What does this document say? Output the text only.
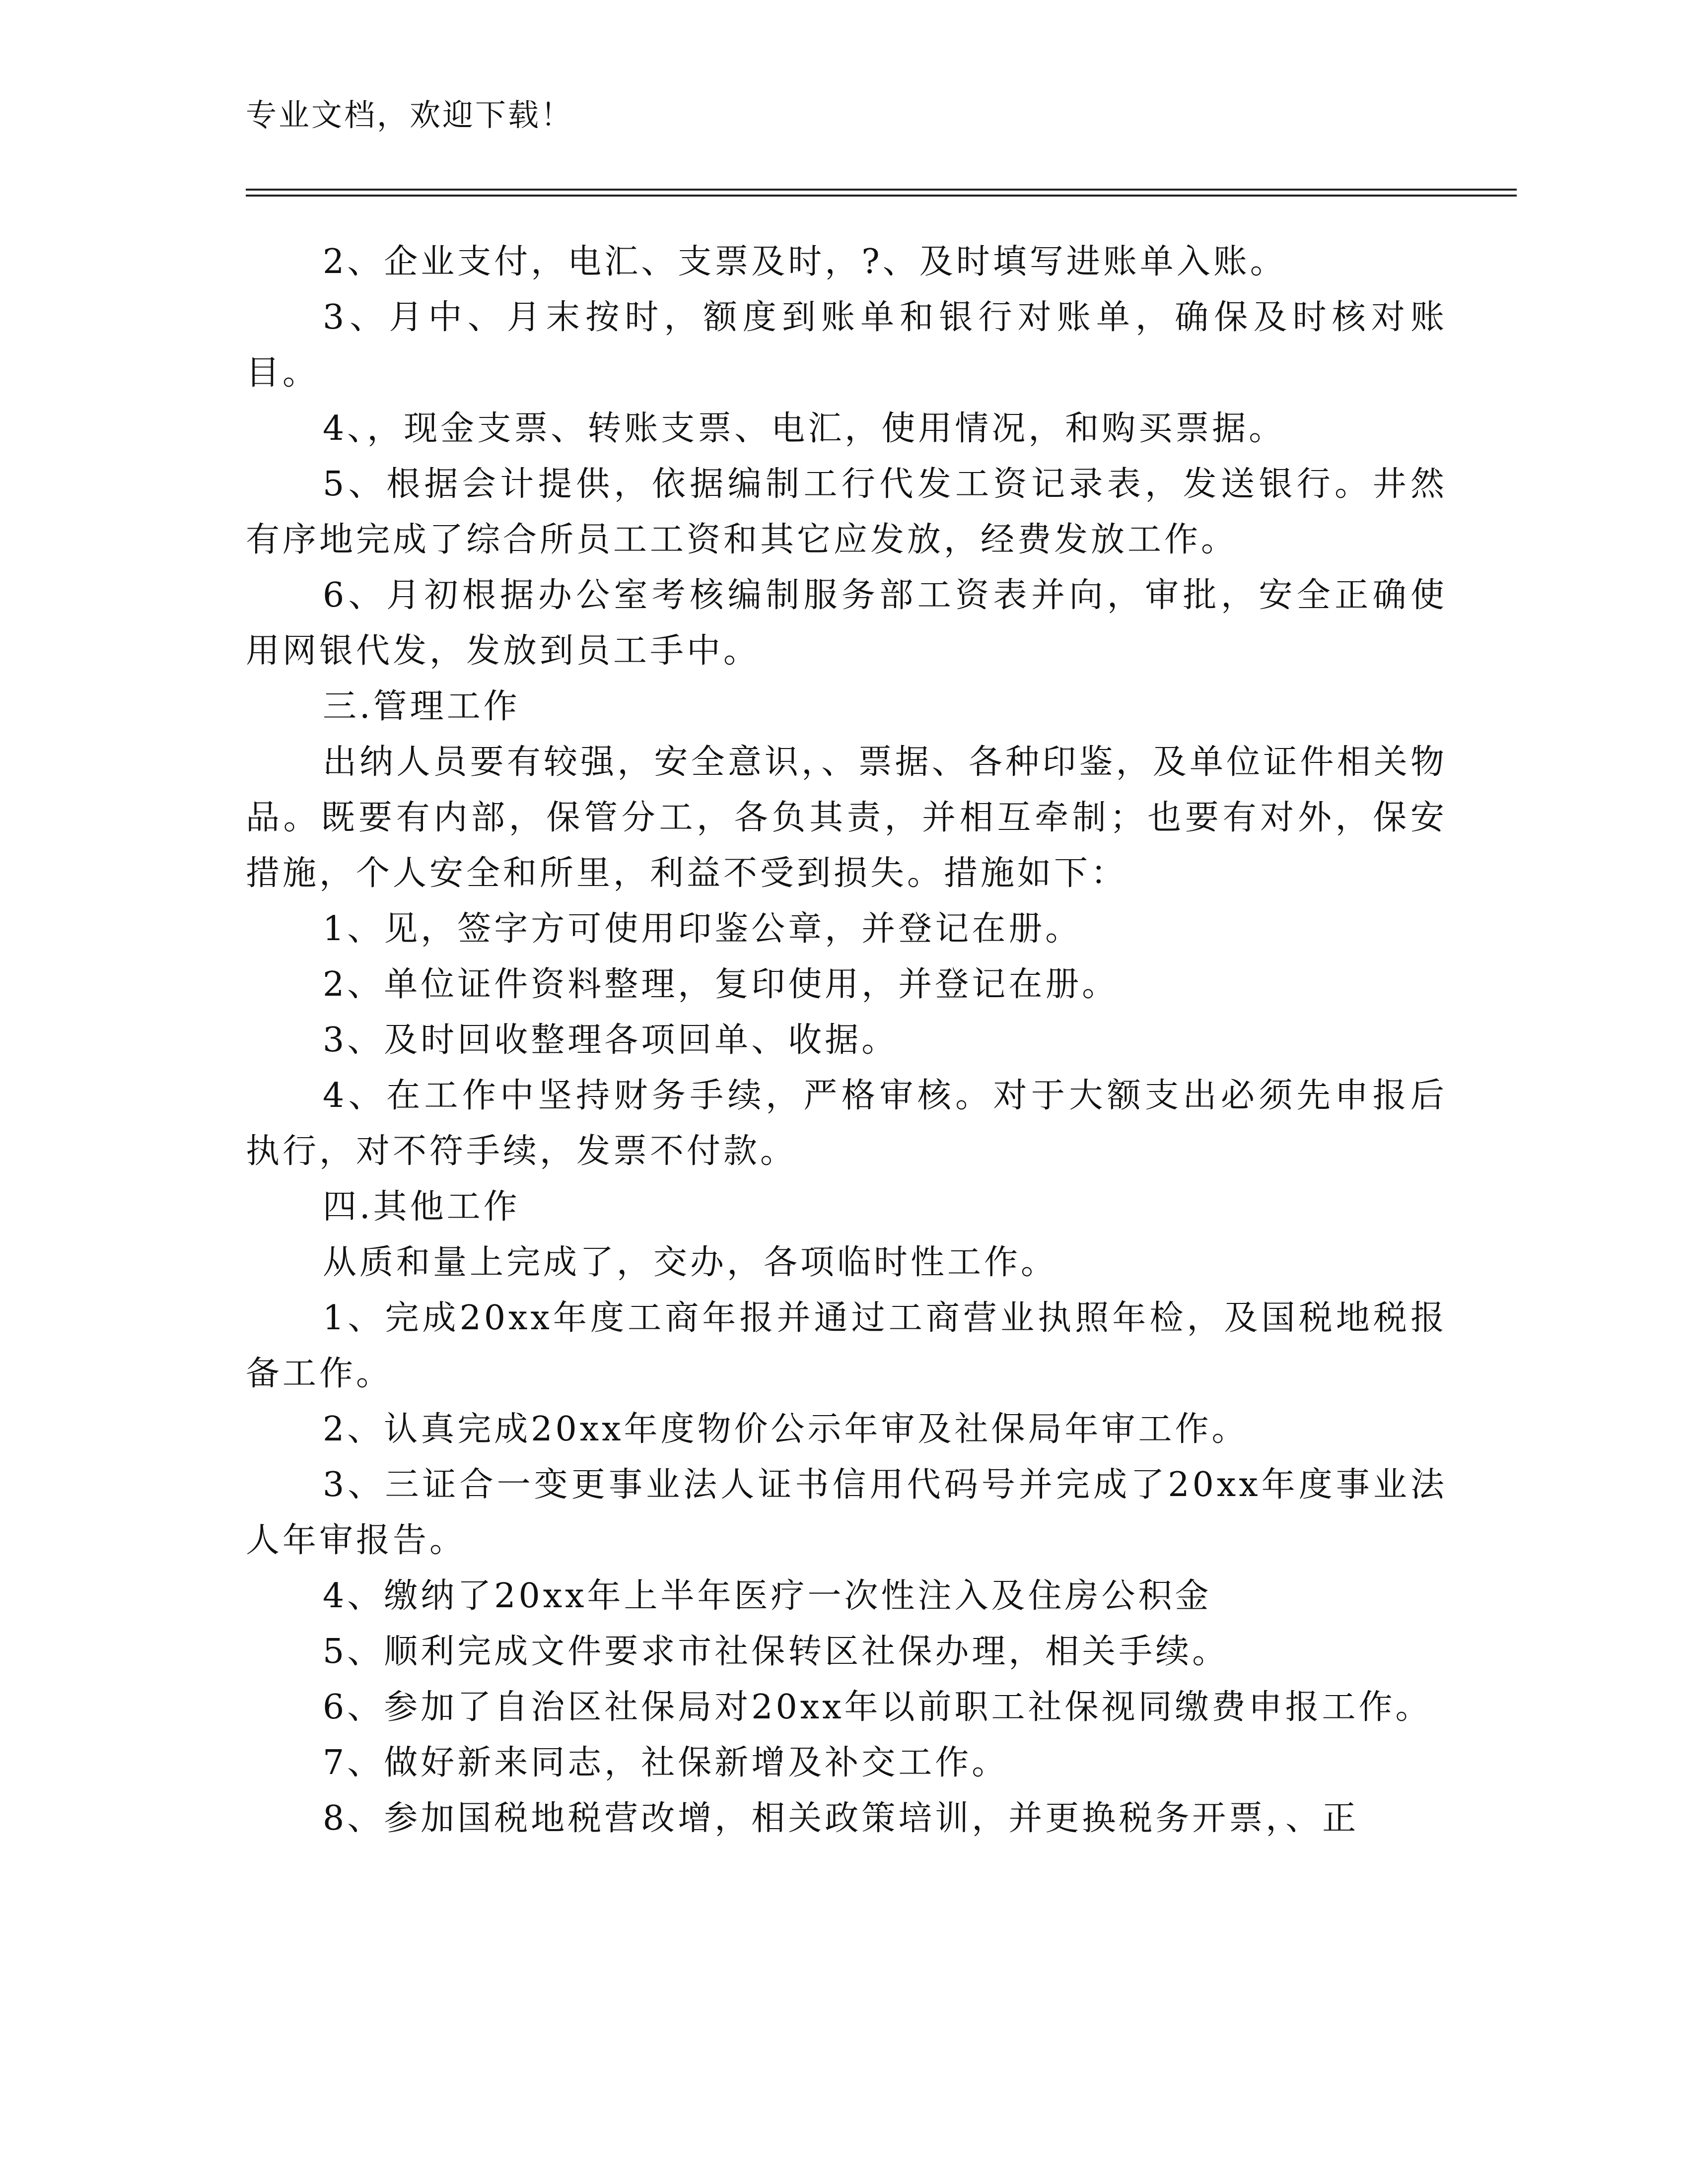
专业文档，欢迎下载！

2、企业支付，电汇、支票及时，?、及时填写进账单入账。

3、月中、月末按时，额度到账单和银行对账单，确保及时核对账目。

4、，现金支票、转账支票、电汇，使用情况，和购买票据。

5、根据会计提供，依据编制工行代发工资记录表，发送银行。井然有序地完成了综合所员工工资和其它应发放，经费发放工作。

6、月初根据办公室考核编制服务部工资表并向，审批，安全正确使用网银代发，发放到员工手中。

三.管理工作

出纳人员要有较强，安全意识，、票据、各种印鉴，及单位证件相关物品。既要有内部，保管分工，各负其责，并相互牵制；也要有对外，保安措施，个人安全和所里，利益不受到损失。措施如下：

1、见，签字方可使用印鉴公章，并登记在册。

2、单位证件资料整理，复印使用，并登记在册。

3、及时回收整理各项回单、收据。

4、在工作中坚持财务手续，严格审核。对于大额支出必须先申报后执行，对不符手续，发票不付款。

四.其他工作

从质和量上完成了，交办，各项临时性工作。

1、完成20xx年度工商年报并通过工商营业执照年检，及国税地税报备工作。

2、认真完成20xx年度物价公示年审及社保局年审工作。

3、三证合一变更事业法人证书信用代码号并完成了20xx年度事业法人年审报告。

4、缴纳了20xx年上半年医疗一次性注入及住房公积金

5、顺利完成文件要求市社保转区社保办理，相关手续。

6、参加了自治区社保局对20xx年以前职工社保视同缴费申报工作。

7、做好新来同志，社保新增及补交工作。

8、参加国税地税营改增，相关政策培训，并更换税务开票，、正
